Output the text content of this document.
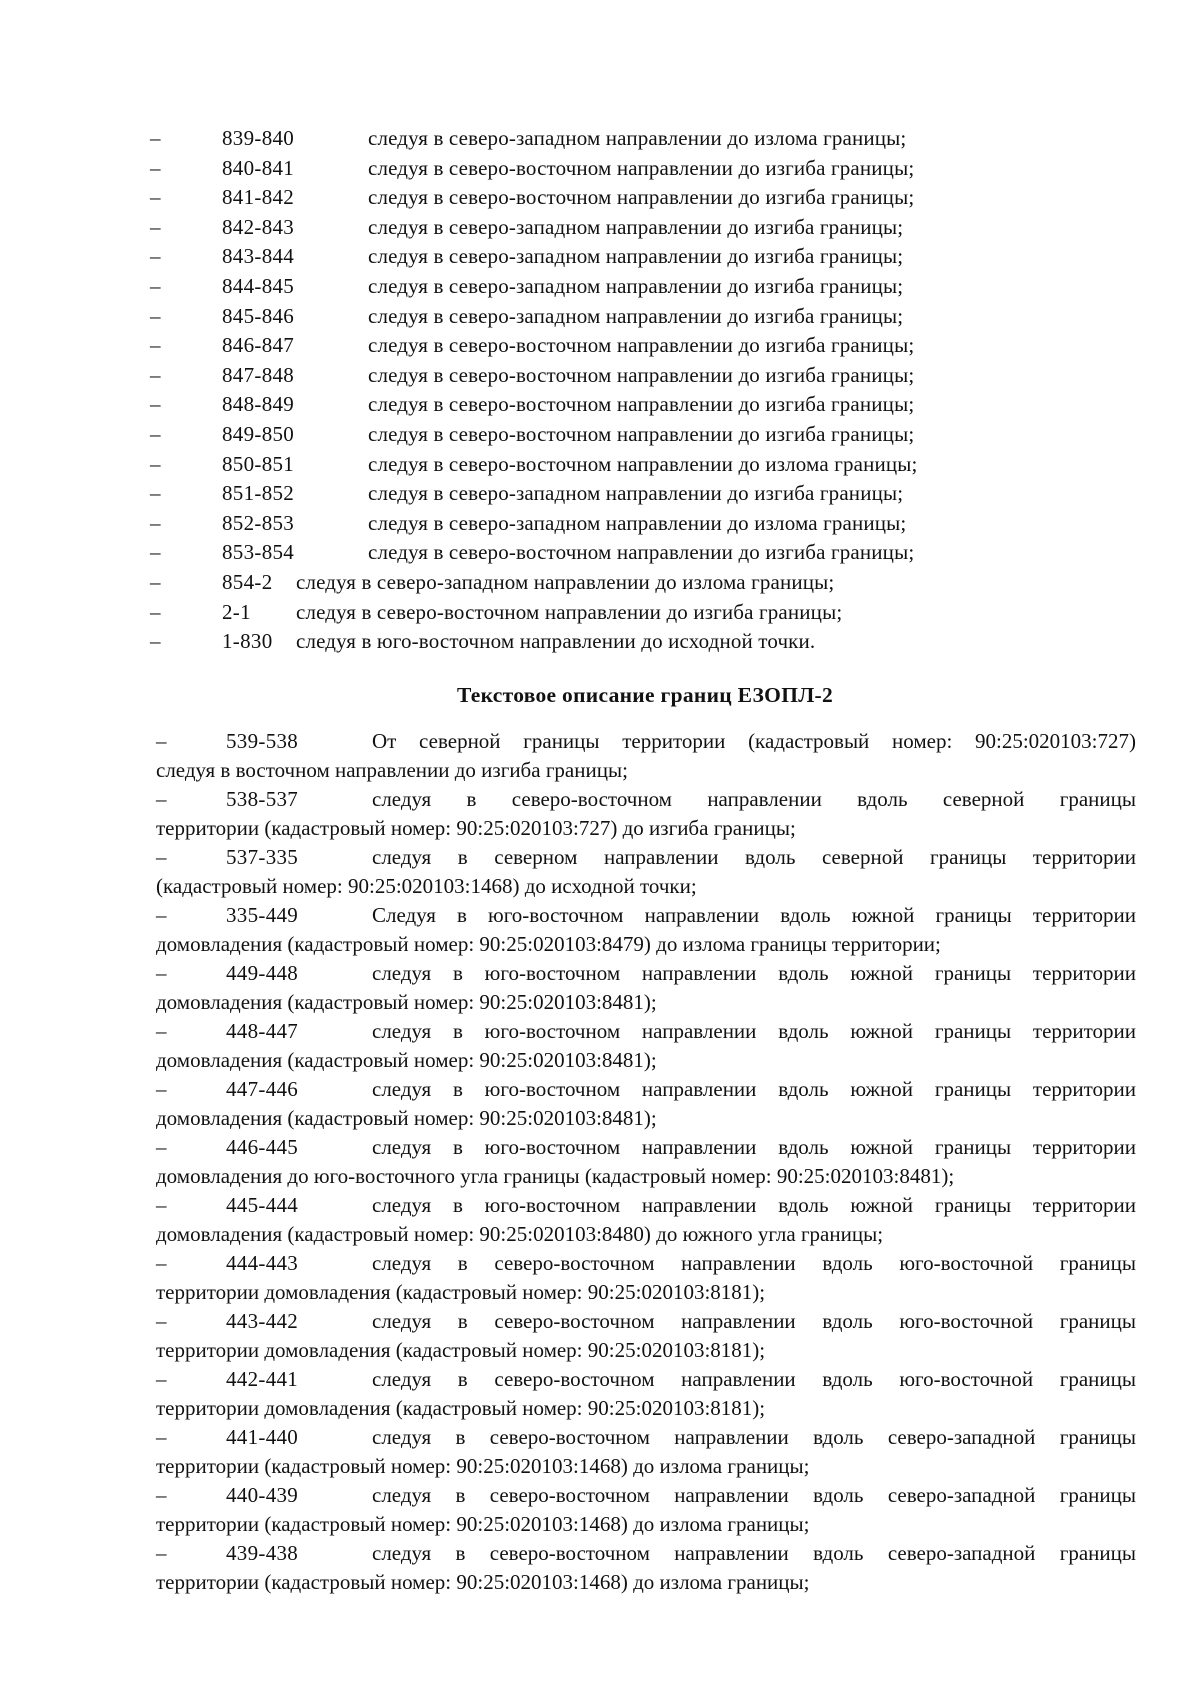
–	839-840	следуя в северо-западном направлении до излома границы;
–	840-841	следуя в северо-восточном направлении до изгиба границы;
–	841-842	следуя в северо-восточном направлении до изгиба границы;
–	842-843	следуя в северо-западном направлении до изгиба границы;
–	843-844	следуя в северо-западном направлении до изгиба границы;
–	844-845	следуя в северо-западном направлении до изгиба границы;
–	845-846	следуя в северо-западном направлении до изгиба границы;
–	846-847	следуя в северо-восточном направлении до изгиба границы;
–	847-848	следуя в северо-восточном направлении до изгиба границы;
–	848-849	следуя в северо-восточном направлении до изгиба границы;
–	849-850	следуя в северо-восточном направлении до изгиба границы;
–	850-851	следуя в северо-восточном направлении до излома границы;
–	851-852	следуя в северо-западном направлении до изгиба границы;
–	852-853	следуя в северо-западном направлении до излома границы;
–	853-854	следуя в северо-восточном направлении до изгиба границы;
–	854-2 следуя в северо-западном направлении до излома границы;
–	2-1 следуя в северо-восточном направлении до изгиба границы;
–	1-830 следуя в юго-восточном направлении до исходной точки.
Текстовое описание границ ЕЗОПЛ-2
–	539-538	От северной границы территории (кадастровый номер: 90:25:020103:727)
следуя в восточном направлении до изгиба границы;
–	538-537	следуя в северо-восточном направлении вдоль северной границы
территории (кадастровый номер: 90:25:020103:727) до изгиба границы;
–	537-335	следуя в северном направлении вдоль северной границы территории
(кадастровый номер: 90:25:020103:1468) до исходной точки;
–	335-449	Следуя в юго-восточном направлении вдоль южной границы территории
домовладения (кадастровый номер: 90:25:020103:8479) до излома границы территории;
–	449-448	следуя в юго-восточном направлении вдоль южной границы территории
домовладения (кадастровый номер: 90:25:020103:8481);
–	448-447	следуя в юго-восточном направлении вдоль южной границы территории
домовладения (кадастровый номер: 90:25:020103:8481);
–	447-446	следуя в юго-восточном направлении вдоль южной границы территории
домовладения (кадастровый номер: 90:25:020103:8481);
–	446-445	следуя в юго-восточном направлении вдоль южной границы территории
домовладения до юго-восточного угла границы (кадастровый номер: 90:25:020103:8481);
–	445-444	следуя в юго-восточном направлении вдоль южной границы территории
домовладения (кадастровый номер: 90:25:020103:8480) до южного угла границы;
–	444-443	следуя в северо-восточном направлении вдоль юго-восточной границы
территории домовладения (кадастровый номер: 90:25:020103:8181);
–	443-442	следуя в северо-восточном направлении вдоль юго-восточной границы
территории домовладения (кадастровый номер: 90:25:020103:8181);
–	442-441	следуя в северо-восточном направлении вдоль юго-восточной границы
территории домовладения (кадастровый номер: 90:25:020103:8181);
–	441-440	следуя в северо-восточном направлении вдоль северо-западной границы
территории (кадастровый номер: 90:25:020103:1468) до излома границы;
–	440-439	следуя в северо-восточном направлении вдоль северо-западной границы
территории (кадастровый номер: 90:25:020103:1468) до излома границы;
–	439-438	следуя в северо-восточном направлении вдоль северо-западной границы
территории (кадастровый номер: 90:25:020103:1468) до излома границы;
